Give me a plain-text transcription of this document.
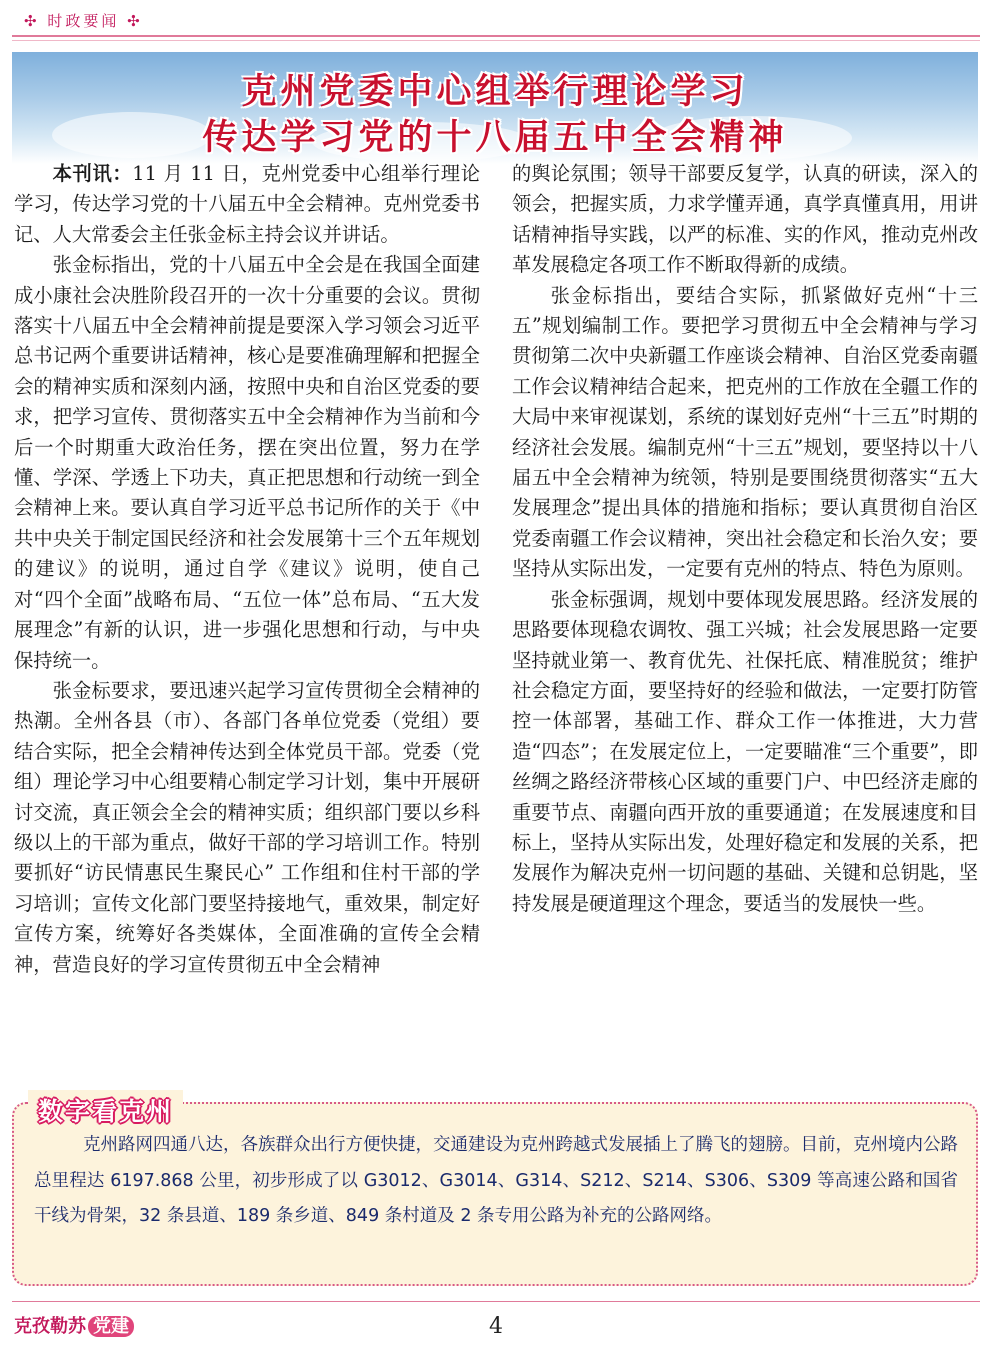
✣ 时政要闻 ✣
克州党委中心组举行理论学习
传达学习党的十八届五中全会精神

本刊讯：11 月 11 日，克州党委中心组举行理论学习，传达学习党的十八届五中全会精神。克州党委书记、人大常委会主任张金标主持会议并讲话。

张金标指出，党的十八届五中全会是在我国全面建成小康社会决胜阶段召开的一次十分重要的会议。贯彻落实十八届五中全会精神前提是要深入学习领会习近平总书记两个重要讲话精神，核心是要准确理解和把握全会的精神实质和深刻内涵，按照中央和自治区党委的要求，把学习宣传、贯彻落实五中全会精神作为当前和今后一个时期重大政治任务，摆在突出位置，努力在学懂、学深、学透上下功夫，真正把思想和行动统一到全会精神上来。要认真自学习近平总书记所作的关于《中共中央关于制定国民经济和社会发展第十三个五年规划的建议》的说明，通过自学《建议》说明，使自己对“四个全面”战略布局、“五位一体”总布局、“五大发展理念”有新的认识，进一步强化思想和行动，与中央保持统一。

张金标要求，要迅速兴起学习宣传贯彻全会精神的热潮。全州各县（市）、各部门各单位党委（党组）要结合实际，把全会精神传达到全体党员干部。党委（党组）理论学习中心组要精心制定学习计划，集中开展研讨交流，真正领会全会的精神实质；组织部门要以乡科级以上的干部为重点，做好干部的学习培训工作。特别要抓好“访民情惠民生聚民心” 工作组和住村干部的学习培训；宣传文化部门要坚持接地气，重效果，制定好宣传方案，统筹好各类媒体，全面准确的宣传全会精神，营造良好的学习宣传贯彻五中全会精神

的舆论氛围；领导干部要反复学，认真的研读，深入的领会，把握实质，力求学懂弄通，真学真懂真用，用讲话精神指导实践，以严的标准、实的作风，推动克州改革发展稳定各项工作不断取得新的成绩。

张金标指出，要结合实际，抓紧做好克州“十三五”规划编制工作。要把学习贯彻五中全会精神与学习贯彻第二次中央新疆工作座谈会精神、自治区党委南疆工作会议精神结合起来，把克州的工作放在全疆工作的大局中来审视谋划，系统的谋划好克州“十三五”时期的经济社会发展。编制克州“十三五”规划，要坚持以十八届五中全会精神为统领，特别是要围绕贯彻落实“五大发展理念”提出具体的措施和指标；要认真贯彻自治区党委南疆工作会议精神，突出社会稳定和长治久安；要坚持从实际出发，一定要有克州的特点、特色为原则。

张金标强调，规划中要体现发展思路。经济发展的思路要体现稳农调牧、强工兴城；社会发展思路一定要坚持就业第一、教育优先、社保托底、精准脱贫；维护社会稳定方面，要坚持好的经验和做法，一定要打防管控一体部署，基础工作、群众工作一体推进，大力营造“四态”；在发展定位上，一定要瞄准“三个重要”，即丝绸之路经济带核心区域的重要门户、中巴经济走廊的重要节点、南疆向西开放的重要通道；在发展速度和目标上，坚持从实际出发，处理好稳定和发展的关系，把发展作为解决克州一切问题的基础、关键和总钥匙，坚持发展是硬道理这个理念，要适当的发展快一些。

数字看克州

克州路网四通八达，各族群众出行方便快捷，交通建设为克州跨越式发展插上了腾飞的翅膀。目前，克州境内公路总里程达 6197.868 公里，初步形成了以 G3012、G3014、G314、S212、S214、S306、S309 等高速公路和国省干线为骨架，32 条县道、189 条乡道、849 条村道及 2 条专用公路为补充的公路网络。

克孜勒苏 党建	4
